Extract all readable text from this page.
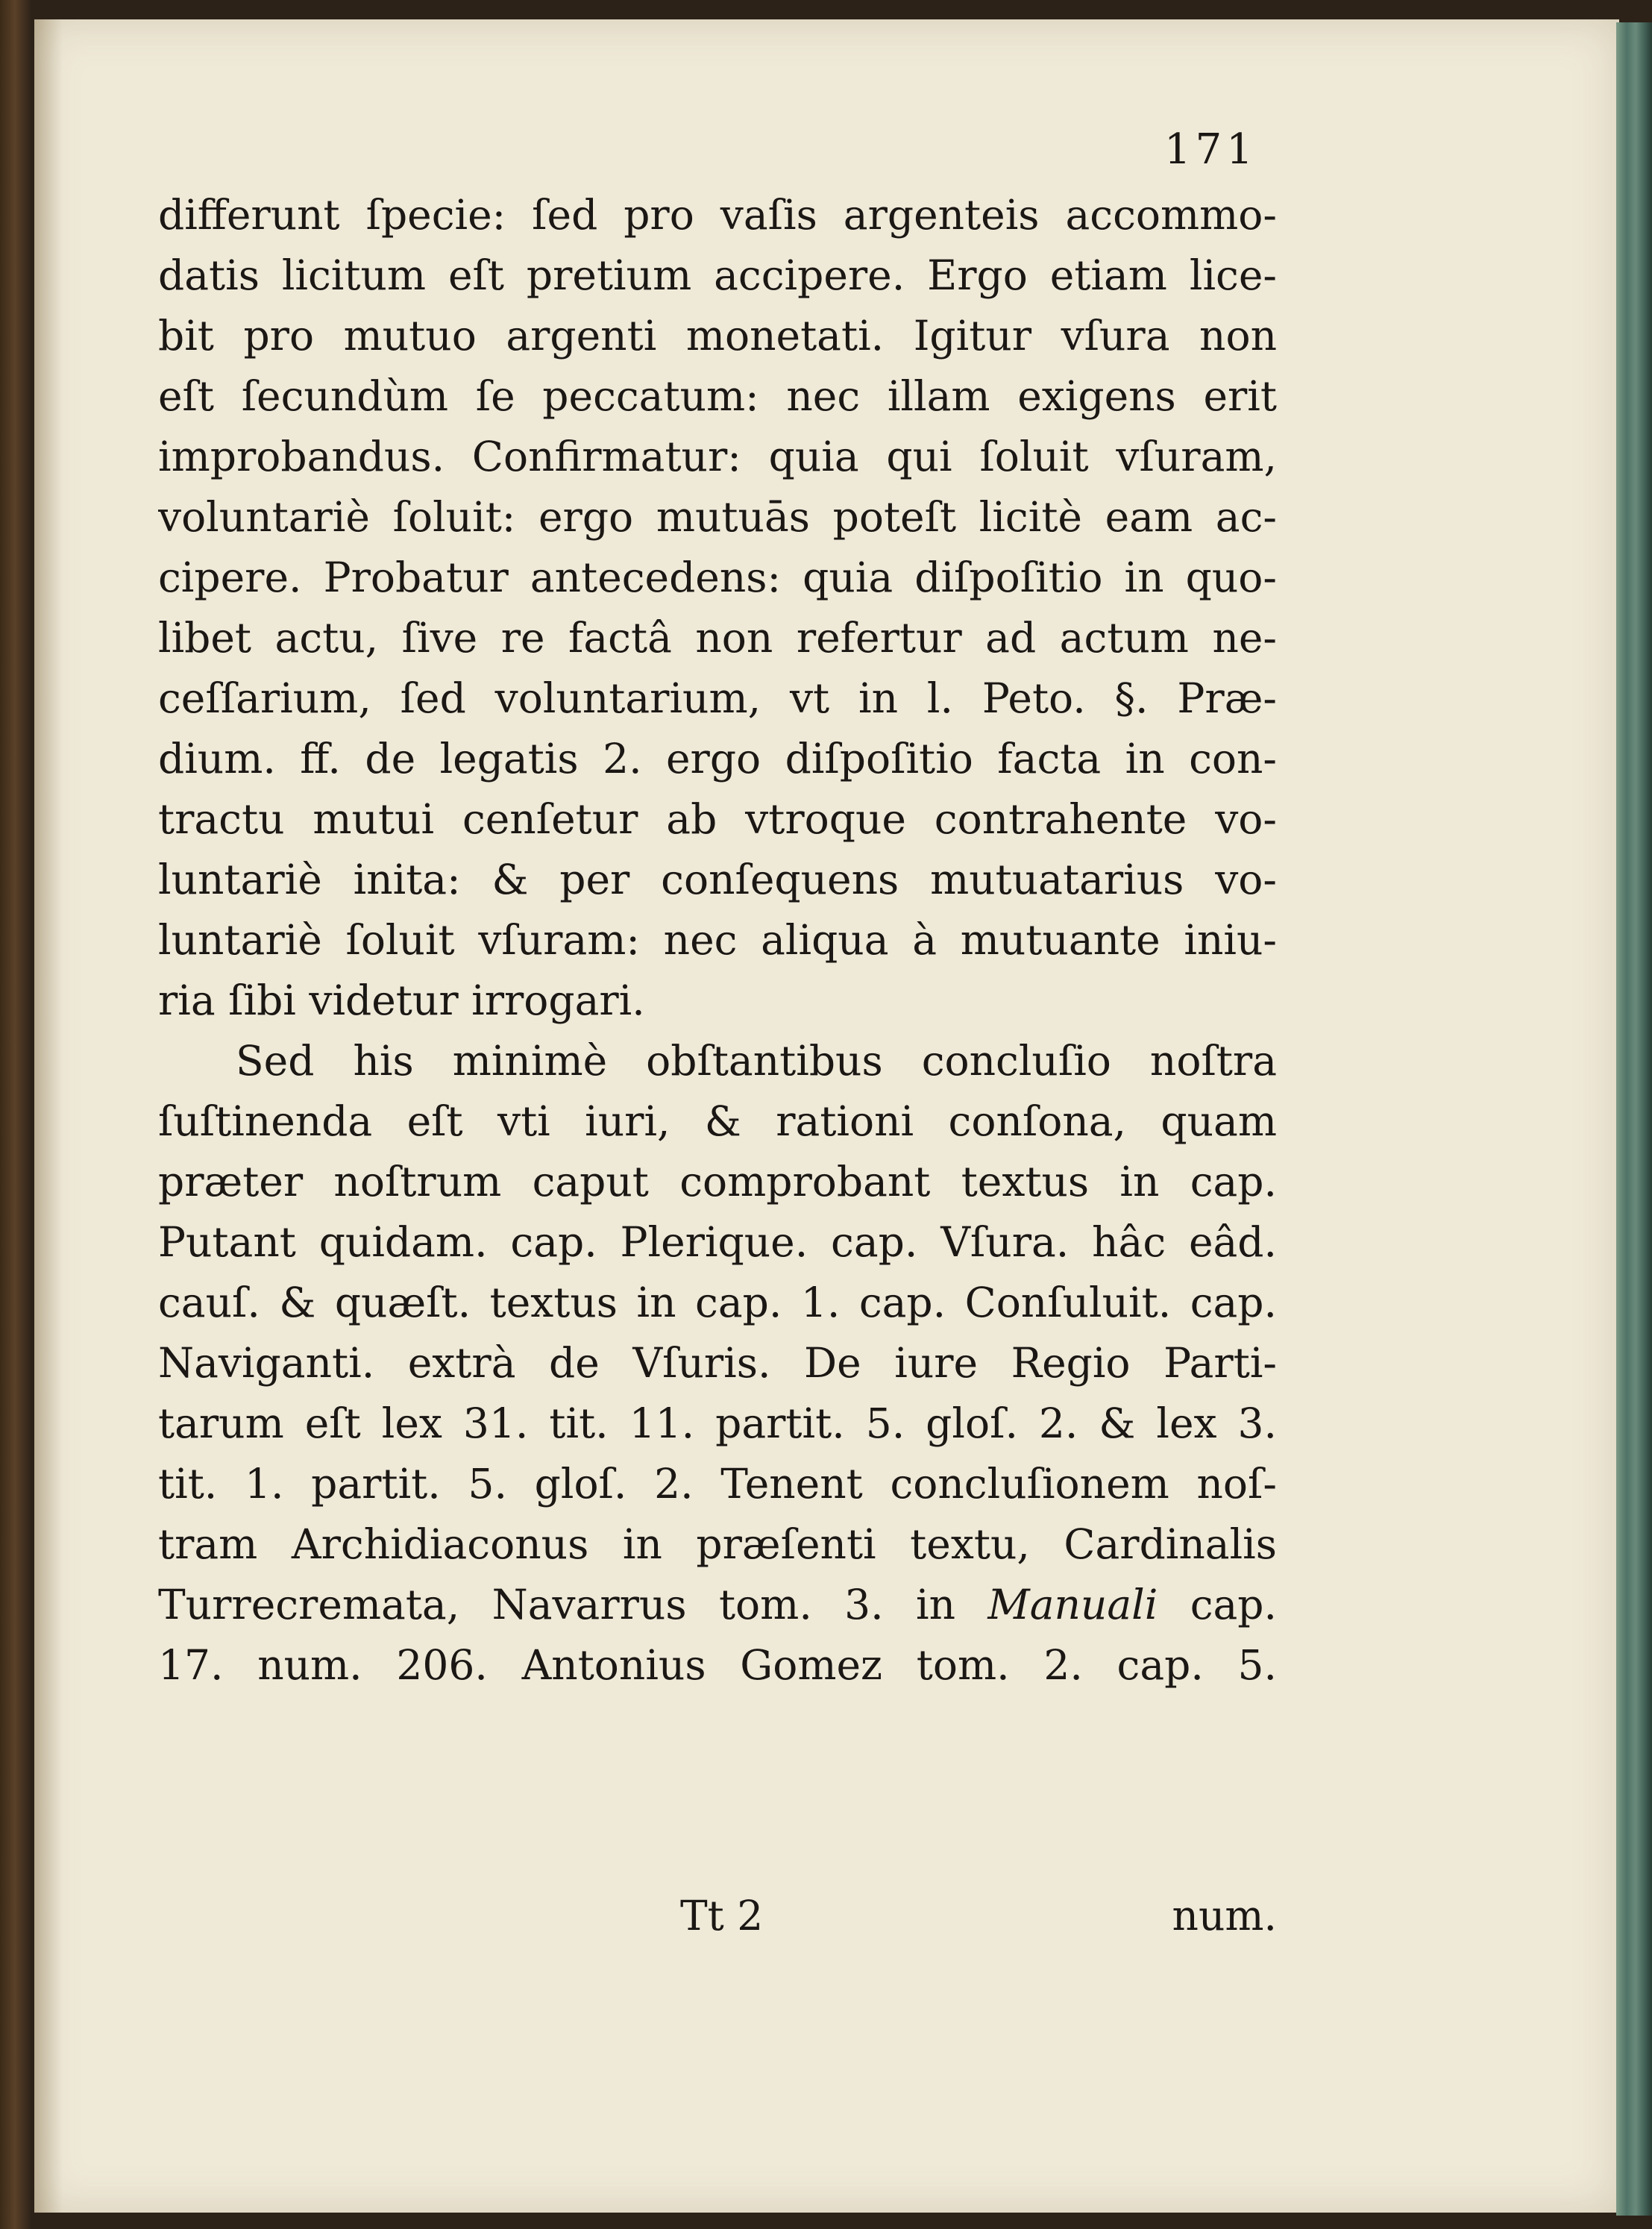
171
differunt ſpecie: ſed pro vaſis argenteis accommo-
datis licitum eſt pretium accipere. Ergo etiam lice-
bit pro mutuo argenti monetati. Igitur vſura non
eſt ſecundùm ſe peccatum: nec illam exigens erit
improbandus. Confirmatur: quia qui ſoluit vſuram,
voluntariè ſoluit: ergo mutuās poteſt licitè eam ac-
cipere. Probatur antecedens: quia diſpoſitio in quo-
libet actu, ſive re factâ non refertur ad actum ne-
ceſſarium, ſed voluntarium, vt in l. Peto. §. Præ-
dium. ff. de legatis 2. ergo diſpoſitio facta in con-
tractu mutui cenſetur ab vtroque contrahente vo-
luntariè inita: & per conſequens mutuatarius vo-
luntariè ſoluit vſuram: nec aliqua à mutuante iniu-
ria ſibi videtur irrogari.
Sed his minimè obſtantibus concluſio noſtra
ſuſtinenda eſt vti iuri, & rationi conſona, quam
præter noſtrum caput comprobant textus in cap.
Putant quidam. cap. Plerique. cap. Vſura. hâc eâd.
cauſ. & quæſt. textus in cap. 1. cap. Conſuluit. cap.
Naviganti. extrà de Vſuris. De iure Regio Parti-
tarum eſt lex 31. tit. 11. partit. 5. gloſ. 2. & lex 3.
tit. 1. partit. 5. gloſ. 2. Tenent concluſionem noſ-
tram Archidiaconus in præſenti textu, Cardinalis
Turrecremata, Navarrus tom. 3. in Manuali cap.
17. num. 206. Antonius Gomez tom. 2. cap. 5.
Tt 2	num.
